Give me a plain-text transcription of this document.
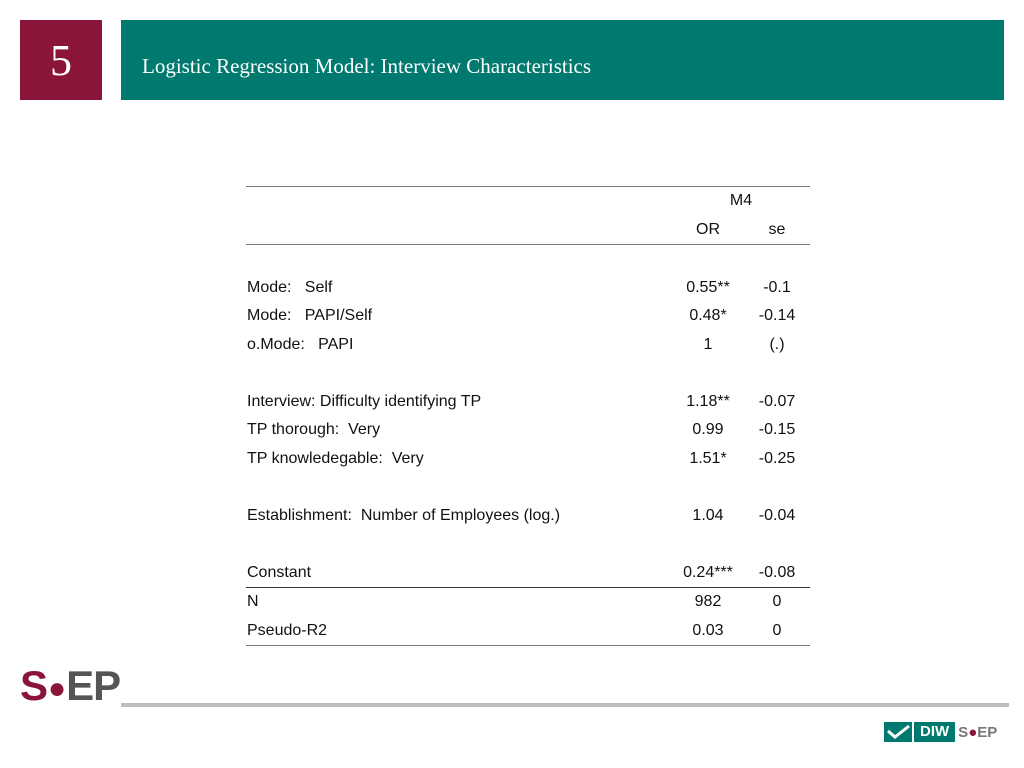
5	Logistic Regression Model: Interview Characteristics
M4
OR	se
Mode:   Self	0.55**	-0.1
Mode:   PAPI/Self	0.48*	-0.14
o.Mode:   PAPI	1	(.)
Interview: Difficulty identifying TP	1.18**	-0.07
TP thorough:  Very	0.99	-0.15
TP knowledegable:  Very	1.51*	-0.25
Establishment:  Number of Employees (log.)	1.04	-0.04
Constant	0.24***	-0.08
N	982	0
Pseudo-R2	0.03	0
S ● E P
DIW S●EP
